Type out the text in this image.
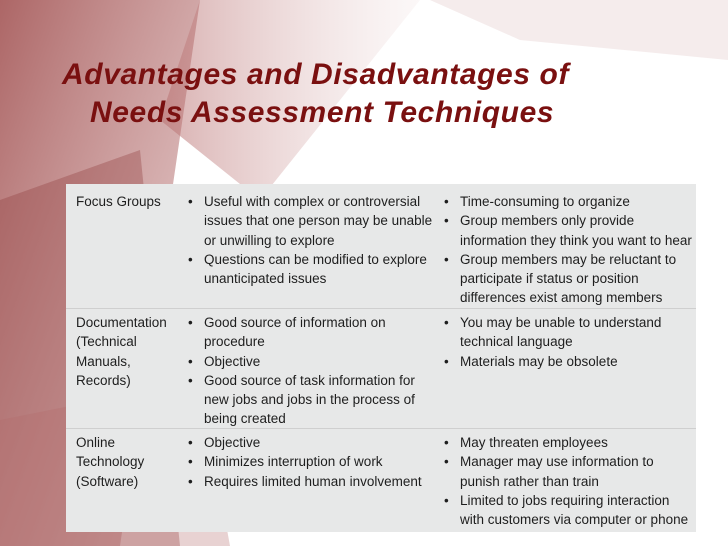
Advantages and Disadvantages of
Needs Assessment Techniques
Focus Groups
•	Useful with complex or controversial issues that one person may be unable or unwilling to explore
• Questions can be modified to explore unanticipated issues
• Time-consuming to organize
• Group members only provide information they think you want to hear
• Group members may be reluctant to participate if status or position differences exist among members
Documentation
(Technical
Manuals,
Records)
• Good source of information on procedure
• Objective
• Good source of task information for new jobs and jobs in the process of being created
• You may be unable to understand technical language
• Materials may be obsolete
Online
Technology
(Software)
• Objective
• Minimizes interruption of work
• Requires limited human involvement
• May threaten employees
• Manager may use information to punish rather than train
• Limited to jobs requiring interaction with customers via computer or phone
